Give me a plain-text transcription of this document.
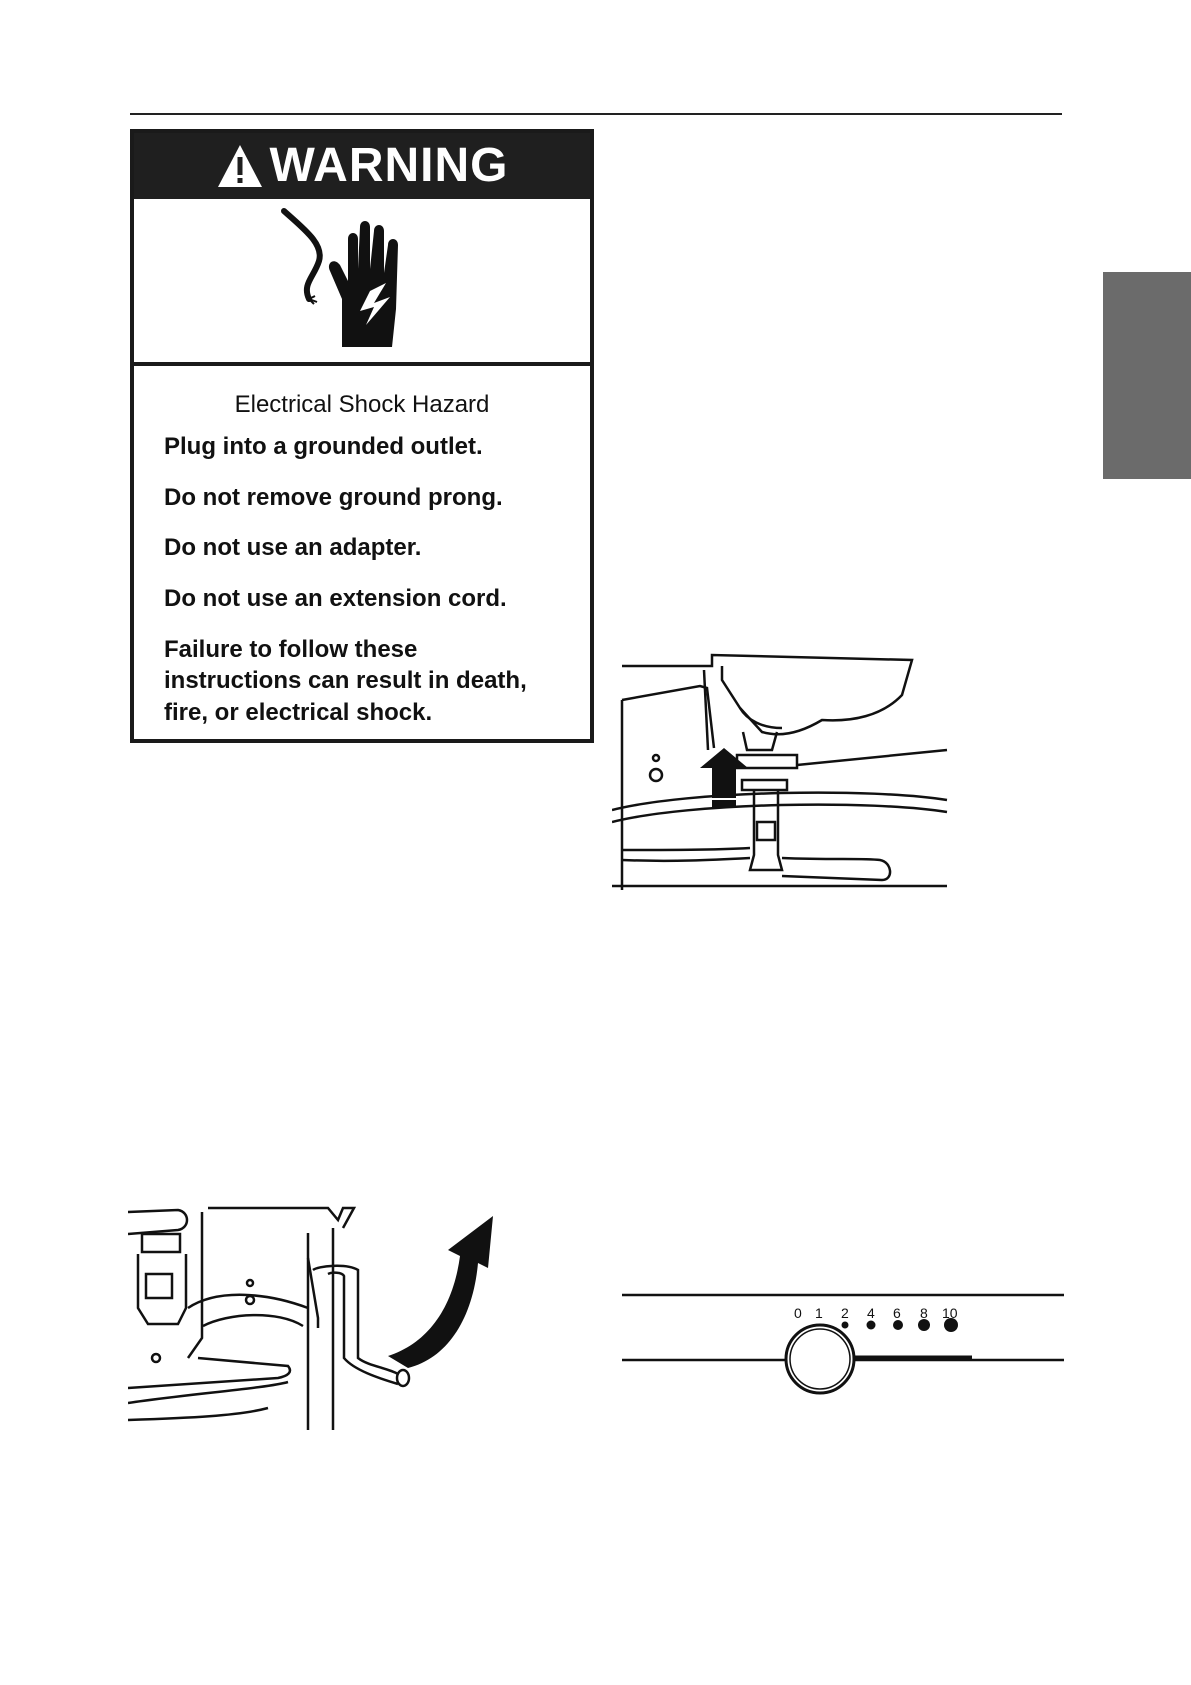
WARNING
Electrical Shock Hazard
Plug into a grounded outlet.
Do not remove ground prong.
Do not use an adapter.
Do not use an extension cord.
Failure to follow these instructions can result in death, fire, or electrical shock.
0 1 2 4 6 8 10
